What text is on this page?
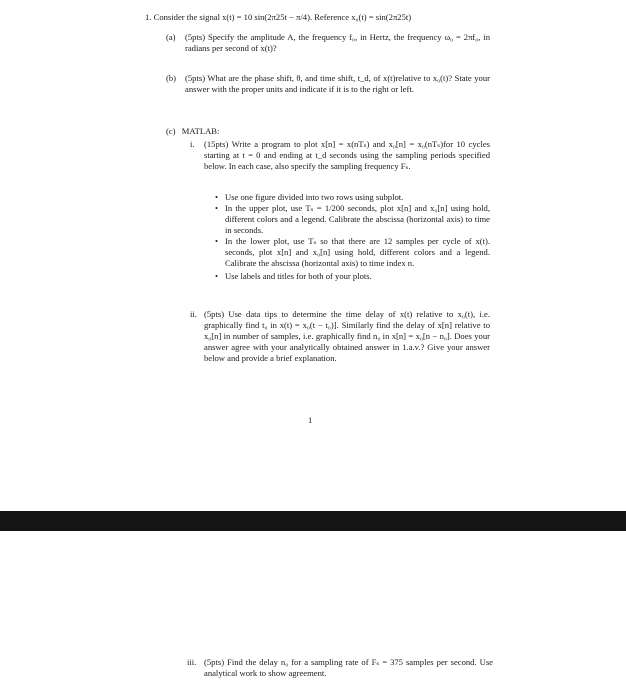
1. Consider the signal x(t) = 10 sin(2π25t − π/4). Reference x₀(t) = sin(2π25t)
(a) (5pts) Specify the amplitude A, the frequency f₀, in Hertz, the frequency ω₀ = 2πf₀, in radians per second of x(t)?

(b) (5pts) What are the phase shift, θ, and time shift, t_d, of x(t)relative to x₀(t)? State your answer with the proper units and indicate if it is to the right or left.

(c) MATLAB:
i. (15pts) Write a program to plot x[n] = x(nTₛ) and x₀[n] = x₀(nTₛ)for 10 cycles starting at t = 0 and ending at t_d seconds using the sampling periods specified below. In each case, also specify the sampling frequency Fₛ.

• Use one figure divided into two rows using subplot.
• In the upper plot, use Tₛ = 1/200 seconds, plot x[n] and x₀[n] using hold, different colors and a legend. Calibrate the abscissa (horizontal axis) to time in seconds.
• In the lower plot, use Tₛ so that there are 12 samples per cycle of x(t). seconds, plot x[n] and x₀[n] using hold, different colors and a legend. Calibrate the abscissa (horizontal axis) to time index n.
• Use labels and titles for both of your plots.
ii. (5pts) Use data tips to determine the time delay of x(t) relative to x₀(t), i.e. graphically find t₀ in x(t) = x₀(t − t₀)]. Similarly find the delay of x[n] relative to x₀[n] in number of samples, i.e. graphically find n₀ in x[n] = x₀[n − n₀]. Does your answer agree with your analytically obtained answer in 1.a.v.? Give your answer below and provide a brief explanation.

1
iii. (5pts) Find the delay n₀ for a sampling rate of Fₛ = 375 samples per second. Use analytical work to show agreement.
